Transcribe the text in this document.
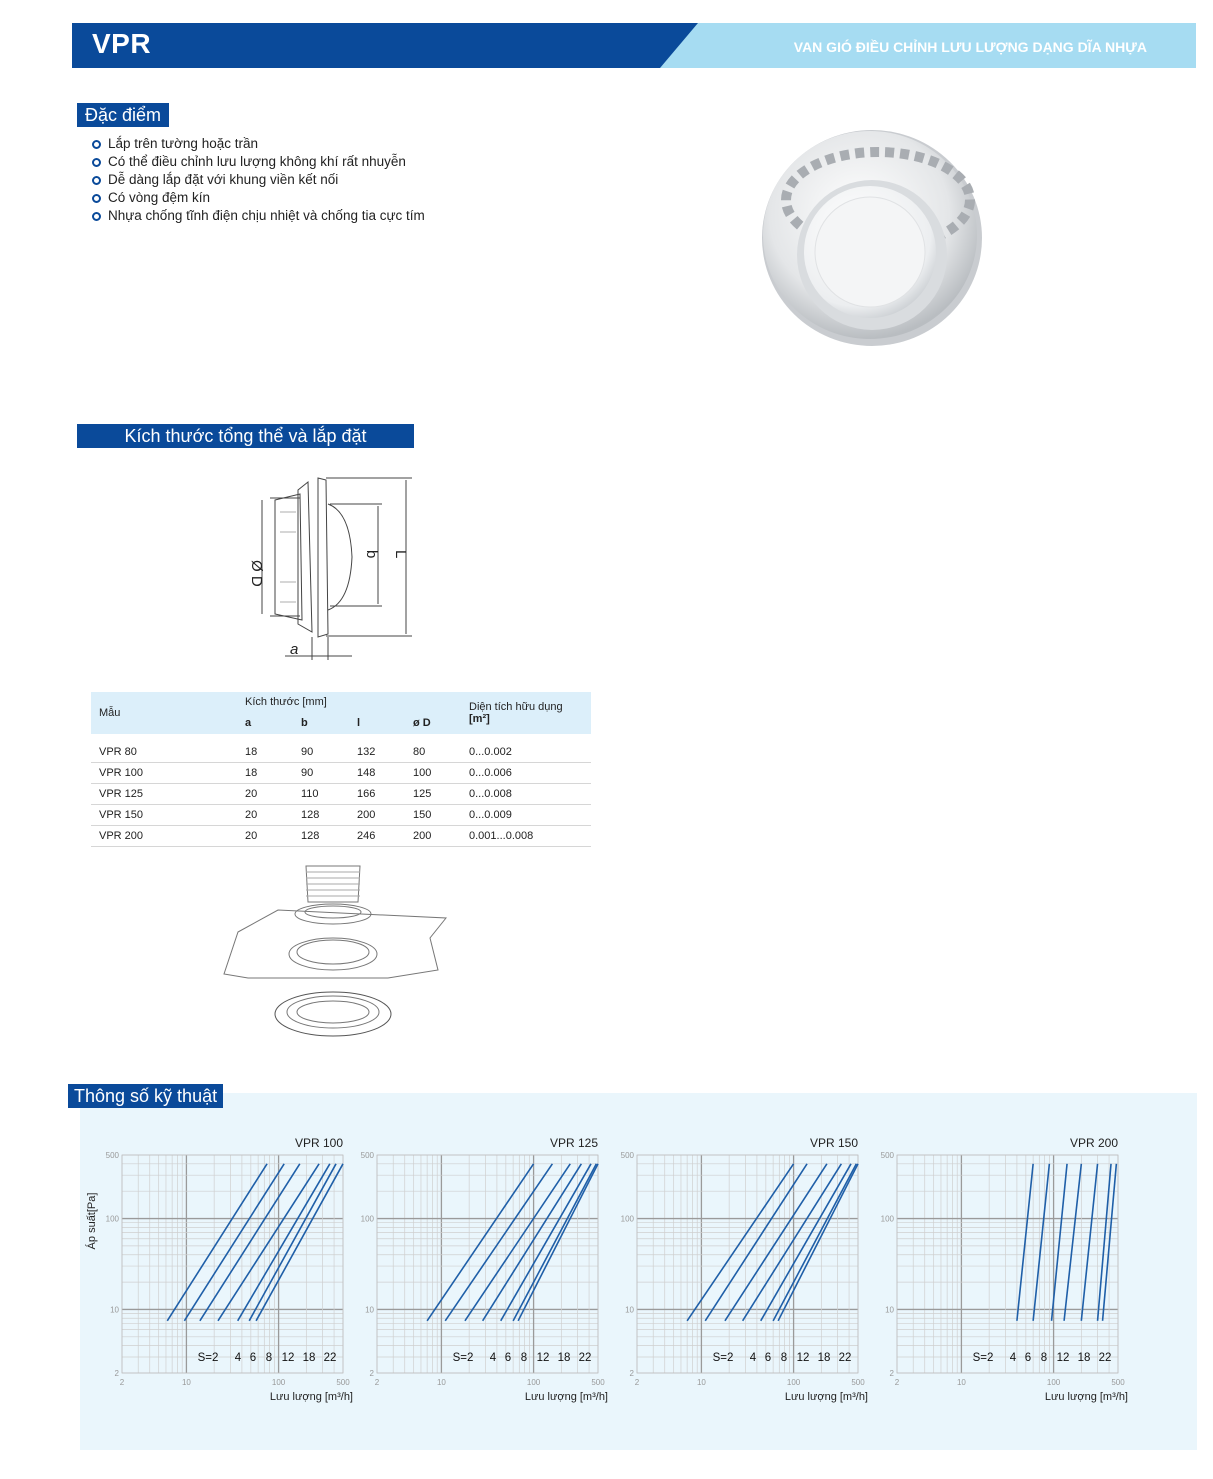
VPR	VAN GIÓ ĐIỀU CHỈNH LƯU LƯỢNG DẠNG DĨA NHỰA
Đặc điểm
Lắp trên tường hoặc trần
Có thể điều chỉnh lưu lượng không khí rất nhuyễn
Dễ dàng lắp đặt với khung viền kết nối
Có vòng đệm kín
Nhựa chống tĩnh điện chịu nhiệt và chống tia cực tím
Kích thước tổng thể và lắp đặt
Ø D
b L
a
Mẫu	Kích thước [mm]				Diện tích hữu dụng [m²]
	a	b	l	ø D	

VPR 80	18	90	132	80	0...0.002
VPR 100	18	90	148	100	0...0.006
VPR 125	20	110	166	125	0...0.008
VPR 150	20	128	200	150	0...0.009
VPR 200	20	128	246	200	0.001...0.008
Thông số kỹ thuật
Áp suất[Pa]
500
100
10
2
2	10	100	500
S=2 4 6 8 12 18 22
VPR 100
Lưu lượng [m³/h]
500
100
10
2
2	10	100	500
S=2 4 6 8 12 18 22
VPR 125
Lưu lượng [m³/h]
500
100
10
2
2	10	100	500
S=2 4 6 8 12 18 22
VPR 150
Lưu lượng [m³/h]
500
100
10
2
2	10	100	500
S=2 4 6 8 12 18 22
VPR 200
Lưu lượng [m³/h]
